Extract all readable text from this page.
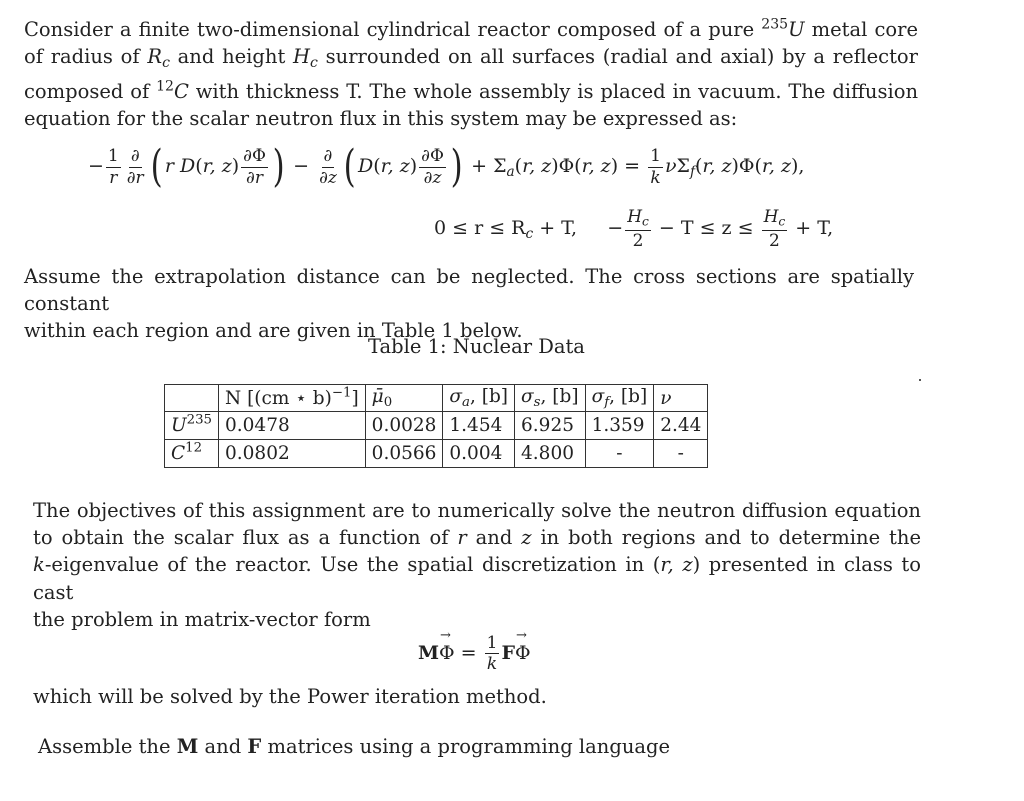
Consider a finite two-dimensional cylindrical reactor composed of a pure $^{235}$U metal core
of radius of $R_c$ and height $H_c$ surrounded on all surfaces (radial and axial) by a reflector
composed of $^{12}$C with thickness T. The whole assembly is placed in vacuum. The diffusion
equation for the scalar neutron flux in this system may be expressed as:
− $\frac{1}{r} \frac{\partial}{\partial r}$ ( r D(r, $z) \frac{\partial\Phi}{\partial r}$ ) − $\frac{\partial}{\partial z}$ ( D(r, $z) \frac{\partial\Phi}{\partial z}$ ) + $\Sigma_a(r$, z)Φ(r, $z) = \frac{1}{k} \nu\Sigma_f(r$, z)Φ(r, z),
$0 \le r \le R_c + T$,     − $\frac{H_c}{2} - T \le z \le \frac{H_c}{2} + T$,
Assume the extrapolation distance can be neglected. The cross sections are spatially constant
within each region and are given in Table 1 below.
Table 1: Nuclear Data
	N [(cm ⋆ b)$^{-1}$]	$\mū_0$	$\sigma_a$, [b]	$\sigma_s$, [b]	$\sigma_f$, [b]	ν
$U^{235}$	0.0478	0.0028	1.454	6.925	1.359	2.44
$C^{12}$	0.0802	0.0566	0.004	4.800	-	-
The objectives of this assignment are to numerically solve the neutron diffusion equation
to obtain the scalar flux as a function of r and z in both regions and to determine the
k-eigenvalue of the reactor. Use the spatial discretization in (r, z) presented in class to cast
the problem in matrix-vector form
$M\to \Phi = \frac{1}{k} F\to \Phi$
which will be solved by the Power iteration method.
Assemble the M and F matrices using a programming language
